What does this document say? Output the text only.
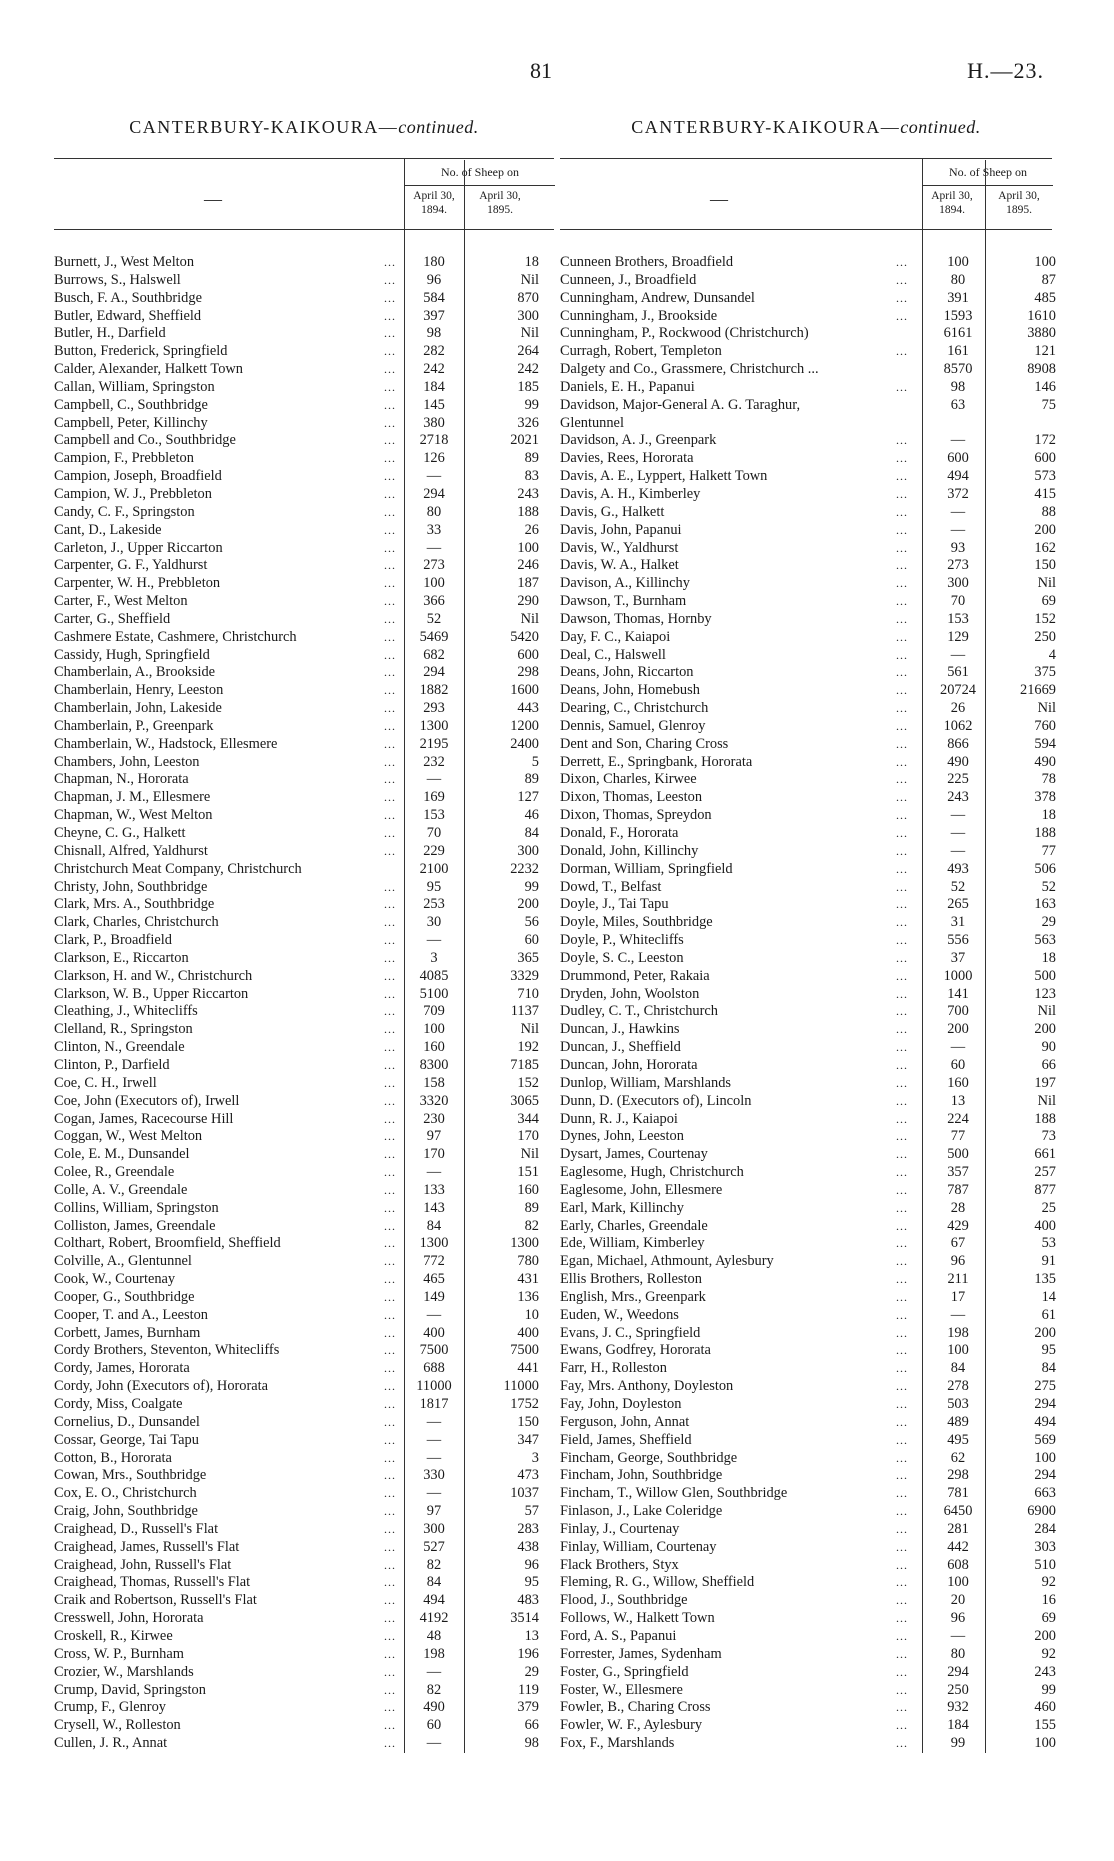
81	H.—23.
CANTERBURY-KAIKOURA—continued.
—
No. of Sheep on
April 30, 1894.
April 30, 1895.
Burnett, J., West Melton	...	180	18
Burrows, S., Halswell	...	96	Nil
Busch, F. A., Southbridge	...	584	870
Butler, Edward, Sheffield	...	397	300
Butler, H., Darfield	...	98	Nil
Button, Frederick, Springfield	...	282	264
Calder, Alexander, Halkett Town	...	242	242
Callan, William, Springston	...	184	185
Campbell, C., Southbridge	...	145	99
Campbell, Peter, Killinchy	...	380	326
Campbell and Co., Southbridge	...	2718	2021
Campion, F., Prebbleton	...	126	89
Campion, Joseph, Broadfield	...	—	83
Campion, W. J., Prebbleton	...	294	243
Candy, C. F., Springston	...	80	188
Cant, D., Lakeside	...	33	26
Carleton, J., Upper Riccarton	...	—	100
Carpenter, G. F., Yaldhurst	...	273	246
Carpenter, W. H., Prebbleton	...	100	187
Carter, F., West Melton	...	366	290
Carter, G., Sheffield	...	52	Nil
Cashmere Estate, Cashmere, Christchurch	...	5469	5420
Cassidy, Hugh, Springfield	...	682	600
Chamberlain, A., Brookside	...	294	298
Chamberlain, Henry, Leeston	...	1882	1600
Chamberlain, John, Lakeside	...	293	443
Chamberlain, P., Greenpark	...	1300	1200
Chamberlain, W., Hadstock, Ellesmere	...	2195	2400
Chambers, John, Leeston	...	232	5
Chapman, N., Hororata	...	—	89
Chapman, J. M., Ellesmere	...	169	127
Chapman, W., West Melton	...	153	46
Cheyne, C. G., Halkett	...	70	84
Chisnall, Alfred, Yaldhurst	...	229	300
Christchurch Meat Company, Christchurch	2100	2232
Christy, John, Southbridge	...	95	99
Clark, Mrs. A., Southbridge	...	253	200
Clark, Charles, Christchurch	...	30	56
Clark, P., Broadfield	...	—	60
Clarkson, E., Riccarton	...	3	365
Clarkson, H. and W., Christchurch	...	4085	3329
Clarkson, W. B., Upper Riccarton	...	5100	710
Cleathing, J., Whitecliffs	...	709	1137
Clelland, R., Springston	...	100	Nil
Clinton, N., Greendale	...	160	192
Clinton, P., Darfield	...	8300	7185
Coe, C. H., Irwell	...	158	152
Coe, John (Executors of), Irwell	...	3320	3065
Cogan, James, Racecourse Hill	...	230	344
Coggan, W., West Melton	...	97	170
Cole, E. M., Dunsandel	...	170	Nil
Colee, R., Greendale	...	—	151
Colle, A. V., Greendale	...	133	160
Collins, William, Springston	...	143	89
Colliston, James, Greendale	...	84	82
Colthart, Robert, Broomfield, Sheffield	...	1300	1300
Colville, A., Glentunnel	...	772	780
Cook, W., Courtenay	...	465	431
Cooper, G., Southbridge	...	149	136
Cooper, T. and A., Leeston	...	—	10
Corbett, James, Burnham	...	400	400
Cordy Brothers, Steventon, Whitecliffs	...	7500	7500
Cordy, James, Hororata	...	688	441
Cordy, John (Executors of), Hororata	...	11000	11000
Cordy, Miss, Coalgate	...	1817	1752
Cornelius, D., Dunsandel	...	—	150
Cossar, George, Tai Tapu	...	—	347
Cotton, B., Hororata	...	—	3
Cowan, Mrs., Southbridge	...	330	473
Cox, E. O., Christchurch	...	—	1037
Craig, John, Southbridge	...	97	57
Craighead, D., Russell's Flat	...	300	283
Craighead, James, Russell's Flat	...	527	438
Craighead, John, Russell's Flat	...	82	96
Craighead, Thomas, Russell's Flat	...	84	95
Craik and Robertson, Russell's Flat	...	494	483
Cresswell, John, Hororata	...	4192	3514
Croskell, R., Kirwee	...	48	13
Cross, W. P., Burnham	...	198	196
Crozier, W., Marshlands	...	—	29
Crump, David, Springston	...	82	119
Crump, F., Glenroy	...	490	379
Crysell, W., Rolleston	...	60	66
Cullen, J. R., Annat	...	—	98
CANTERBURY-KAIKOURA—continued.
—
No. of Sheep on
April 30, 1894.
April 30, 1895.
Cunneen Brothers, Broadfield	...	100	100
Cunneen, J., Broadfield	...	80	87
Cunningham, Andrew, Dunsandel	...	391	485
Cunningham, J., Brookside	...	1593	1610
Cunningham, P., Rockwood (Christchurch)	6161	3880
Curragh, Robert, Templeton	...	161	121
Dalgety and Co., Grassmere, Christchurch ...	8570	8908
Daniels, E. H., Papanui	...	98	146
Davidson, Major-General A. G. Taraghur,	63	75
Glentunnel
Davidson, A. J., Greenpark	...	—	172
Davies, Rees, Hororata	...	600	600
Davis, A. E., Lyppert, Halkett Town	...	494	573
Davis, A. H., Kimberley	...	372	415
Davis, G., Halkett	...	—	88
Davis, John, Papanui	...	—	200
Davis, W., Yaldhurst	...	93	162
Davis, W. A., Halket	...	273	150
Davison, A., Killinchy	...	300	Nil
Dawson, T., Burnham	...	70	69
Dawson, Thomas, Hornby	...	153	152
Day, F. C., Kaiapoi	...	129	250
Deal, C., Halswell	...	—	4
Deans, John, Riccarton	...	561	375
Deans, John, Homebush	...	20724	21669
Dearing, C., Christchurch	...	26	Nil
Dennis, Samuel, Glenroy	...	1062	760
Dent and Son, Charing Cross	...	866	594
Derrett, E., Springbank, Hororata	...	490	490
Dixon, Charles, Kirwee	...	225	78
Dixon, Thomas, Leeston	...	243	378
Dixon, Thomas, Spreydon	...	—	18
Donald, F., Hororata	...	—	188
Donald, John, Killinchy	...	—	77
Dorman, William, Springfield	...	493	506
Dowd, T., Belfast	...	52	52
Doyle, J., Tai Tapu	...	265	163
Doyle, Miles, Southbridge	...	31	29
Doyle, P., Whitecliffs	...	556	563
Doyle, S. C., Leeston	...	37	18
Drummond, Peter, Rakaia	...	1000	500
Dryden, John, Woolston	...	141	123
Dudley, C. T., Christchurch	...	700	Nil
Duncan, J., Hawkins	...	200	200
Duncan, J., Sheffield	...	—	90
Duncan, John, Hororata	...	60	66
Dunlop, William, Marshlands	...	160	197
Dunn, D. (Executors of), Lincoln	...	13	Nil
Dunn, R. J., Kaiapoi	...	224	188
Dynes, John, Leeston	...	77	73
Dysart, James, Courtenay	...	500	661
Eaglesome, Hugh, Christchurch	...	357	257
Eaglesome, John, Ellesmere	...	787	877
Earl, Mark, Killinchy	...	28	25
Early, Charles, Greendale	...	429	400
Ede, William, Kimberley	...	67	53
Egan, Michael, Athmount, Aylesbury	...	96	91
Ellis Brothers, Rolleston	...	211	135
English, Mrs., Greenpark	...	17	14
Euden, W., Weedons	...	—	61
Evans, J. C., Springfield	...	198	200
Ewans, Godfrey, Hororata	...	100	95
Farr, H., Rolleston	...	84	84
Fay, Mrs. Anthony, Doyleston	...	278	275
Fay, John, Doyleston	...	503	294
Ferguson, John, Annat	...	489	494
Field, James, Sheffield	...	495	569
Fincham, George, Southbridge	...	62	100
Fincham, John, Southbridge	...	298	294
Fincham, T., Willow Glen, Southbridge	...	781	663
Finlason, J., Lake Coleridge	...	6450	6900
Finlay, J., Courtenay	...	281	284
Finlay, William, Courtenay	...	442	303
Flack Brothers, Styx	...	608	510
Fleming, R. G., Willow, Sheffield	...	100	92
Flood, J., Southbridge	...	20	16
Follows, W., Halkett Town	...	96	69
Ford, A. S., Papanui	...	—	200
Forrester, James, Sydenham	...	80	92
Foster, G., Springfield	...	294	243
Foster, W., Ellesmere	...	250	99
Fowler, B., Charing Cross	...	932	460
Fowler, W. F., Aylesbury	...	184	155
Fox, F., Marshlands	...	99	100
